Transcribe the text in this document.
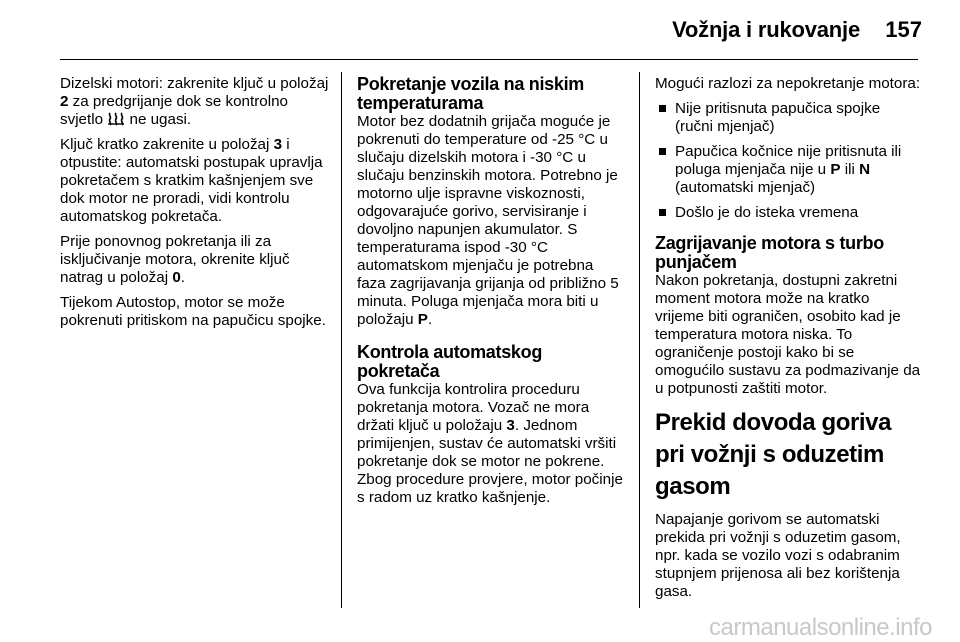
Vožnja i rukovanje	157

Dizelski motori: zakrenite ključ u položaj 2 za predgrijanje dok se kontrolno svjetlo  ne ugasi.

Ključ kratko zakrenite u položaj 3 i otpustite: automatski postupak upravlja pokretačem s kratkim kašnjenjem sve dok motor ne proradi, vidi kontrolu automatskog pokretača.

Prije ponovnog pokretanja ili za isključivanje motora, okrenite ključ natrag u položaj 0.

Tijekom Autostop, motor se može pokrenuti pritiskom na papučicu spojke.

Pokretanje vozila na niskim temperaturama

Motor bez dodatnih grijača moguće je pokrenuti do temperature od -25 °C u slučaju dizelskih motora i -30 °C u slučaju benzinskih motora. Potrebno je motorno ulje ispravne viskoznosti, odgovarajuće gorivo, servisiranje i dovoljno napunjen akumulator. S temperaturama ispod -30 °C automatskom mjenjaču je potrebna faza zagrijavanja grijanja od približno 5 minuta. Poluga mjenjača mora biti u položaju P.

Kontrola automatskog pokretača

Ova funkcija kontrolira proceduru pokretanja motora. Vozač ne mora držati ključ u položaju 3. Jednom primijenjen, sustav će automatski vršiti pokretanje dok se motor ne pokrene. Zbog procedure provjere, motor počinje s radom uz kratko kašnjenje.

Mogući razlozi za nepokretanje motora:

Nije pritisnuta papučica spojke (ručni mjenjač)
Papučica kočnice nije pritisnuta ili poluga mjenjača nije u P ili N (automatski mjenjač)
Došlo je do isteka vremena
Zagrijavanje motora s turbo punjačem

Nakon pokretanja, dostupni zakretni moment motora može na kratko vrijeme biti ograničen, osobito kad je temperatura motora niska. To ograničenje postoji kako bi se omogućilo sustavu za podmazivanje da u potpunosti zaštiti motor.

Prekid dovoda goriva pri vožnji s oduzetim gasom

Napajanje gorivom se automatski prekida pri vožnji s oduzetim gasom, npr. kada se vozilo vozi s odabranim stupnjem prijenosa ali bez korištenja gasa.

carmanualsonline.info
